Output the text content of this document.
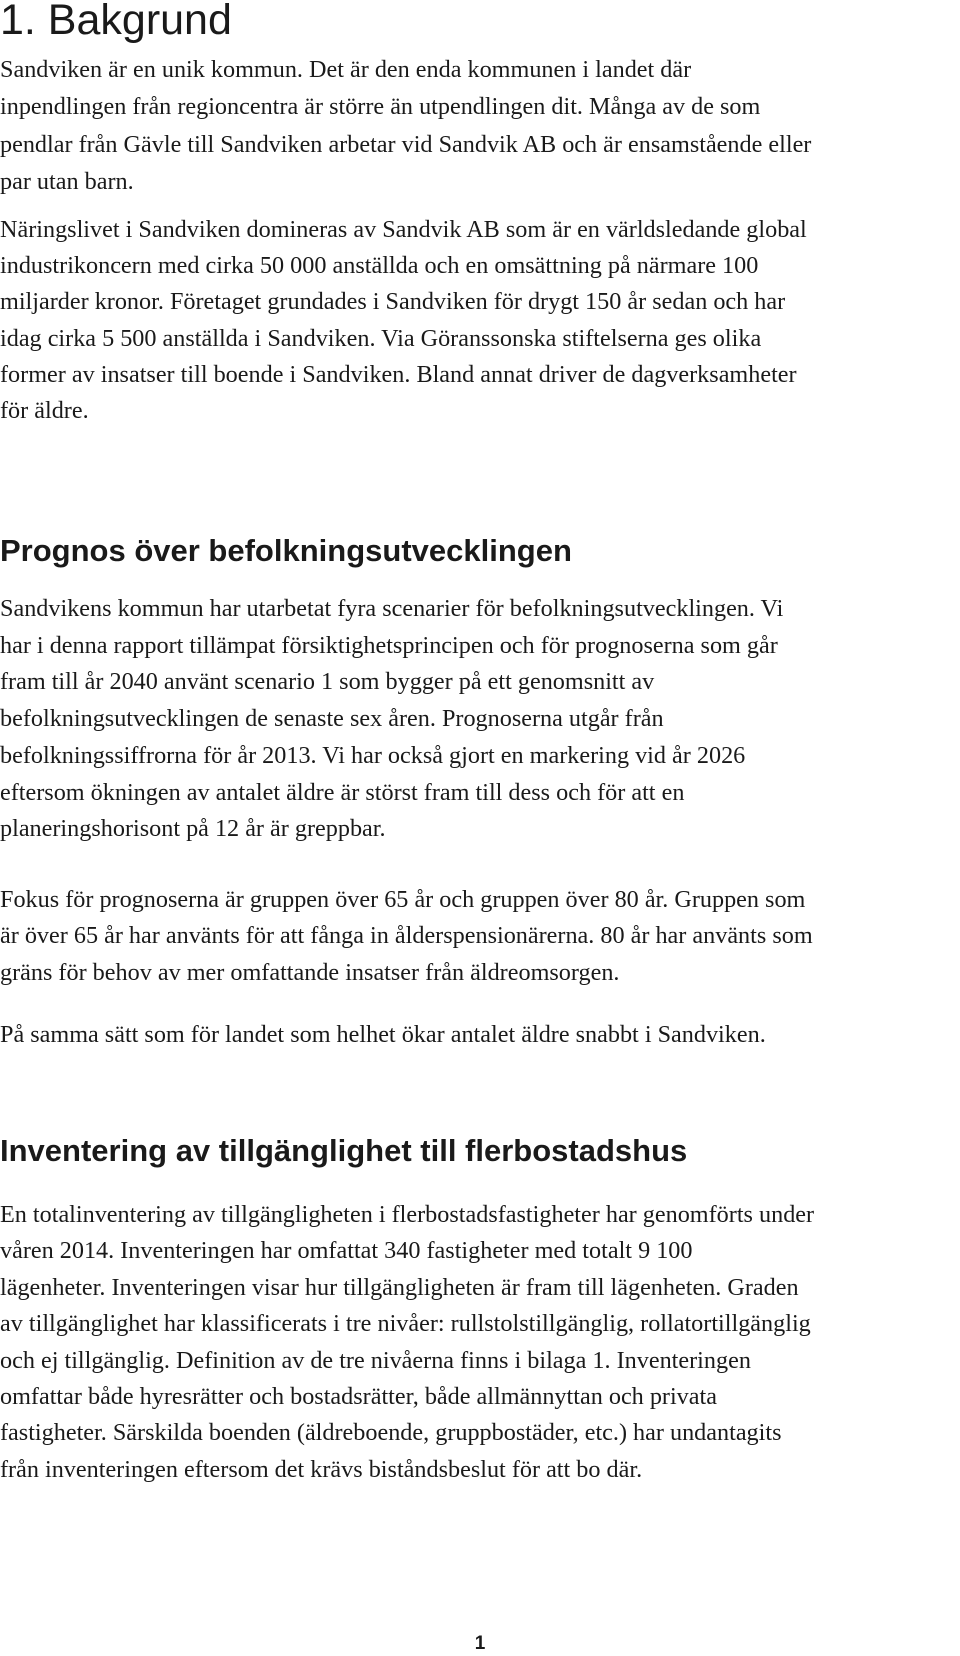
1. Bakgrund

Sandviken är en unik kommun. Det är den enda kommunen i landet där
inpendlingen från regioncentra är större än utpendlingen dit. Många av de som
pendlar från Gävle till Sandviken arbetar vid Sandvik AB och är ensamstående eller
par utan barn.

Näringslivet i Sandviken domineras av Sandvik AB som är en världsledande global
industrikoncern med cirka 50 000 anställda och en omsättning på närmare 100
miljarder kronor. Företaget grundades i Sandviken för drygt 150 år sedan och har
idag cirka 5 500 anställda i Sandviken. Via Göranssonska stiftelserna ges olika
former av insatser till boende i Sandviken. Bland annat driver de dagverksamheter
för äldre.

Prognos över befolkningsutvecklingen

Sandvikens kommun har utarbetat fyra scenarier för befolkningsutvecklingen. Vi
har i denna rapport tillämpat försiktighetsprincipen och för prognoserna som går
fram till år 2040 använt scenario 1 som bygger på ett genomsnitt av
befolkningsutvecklingen de senaste sex åren. Prognoserna utgår från
befolkningssiffrorna för år 2013. Vi har också gjort en markering vid år 2026
eftersom ökningen av antalet äldre är störst fram till dess och för att en
planeringshorisont på 12 år är greppbar.

Fokus för prognoserna är gruppen över 65 år och gruppen över 80 år. Gruppen som
är över 65 år har använts för att fånga in ålderspensionärerna. 80 år har använts som
gräns för behov av mer omfattande insatser från äldreomsorgen.

På samma sätt som för landet som helhet ökar antalet äldre snabbt i Sandviken.

Inventering av tillgänglighet till flerbostadshus

En totalinventering av tillgängligheten i flerbostadsfastigheter har genomförts under
våren 2014. Inventeringen har omfattat 340 fastigheter med totalt 9 100
lägenheter. Inventeringen visar hur tillgängligheten är fram till lägenheten. Graden
av tillgänglighet har klassificerats i tre nivåer: rullstolstillgänglig, rollatortillgänglig
och ej tillgänglig. Definition av de tre nivåerna finns i bilaga 1. Inventeringen
omfattar både hyresrätter och bostadsrätter, både allmännyttan och privata
fastigheter. Särskilda boenden (äldreboende, gruppbostäder, etc.) har undantagits
från inventeringen eftersom det krävs biståndsbeslut för att bo där.

1
